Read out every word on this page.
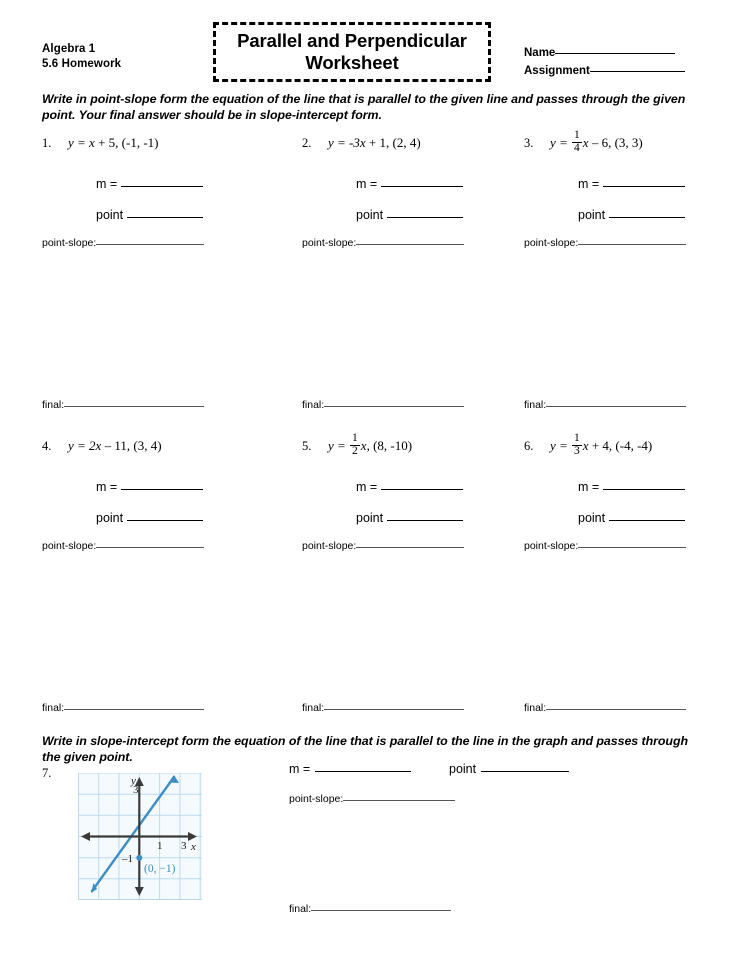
Algebra 1
5.6 Homework
Parallel and Perpendicular
Worksheet	Name
Assignment
Write in point-slope form the equation of the line that is parallel to the given line and passes through the given point. Your final answer should be in slope-intercept form.
1. y =
x
+ 5 , (-1, -1)
m =
point
point-slope:
final:
2. y =
-3x
+ 1 , (2, 4)
m =
point
point-slope:
final:
3. y =
$\frac{1}{4}$ x
– 6 , (3, 3)
m =
point
point-slope:
final:
4. y =
2x
– 11 , (3, 4)
m =
point
point-slope:
final:
5. y =
$\frac{1}{2}$ x , (8, -10)
m =
point
point-slope:
final:
6. y =
$\frac{1}{3}$ x
+ 4 , (-4, -4)
m =
point
point-slope:
final:
Write in slope-intercept form the equation of the line that is parallel to the line in the graph and passes through the given point.
7.
3
1 3
–1
x
y
(0, −1)
m =	point
point-slope:
final:
